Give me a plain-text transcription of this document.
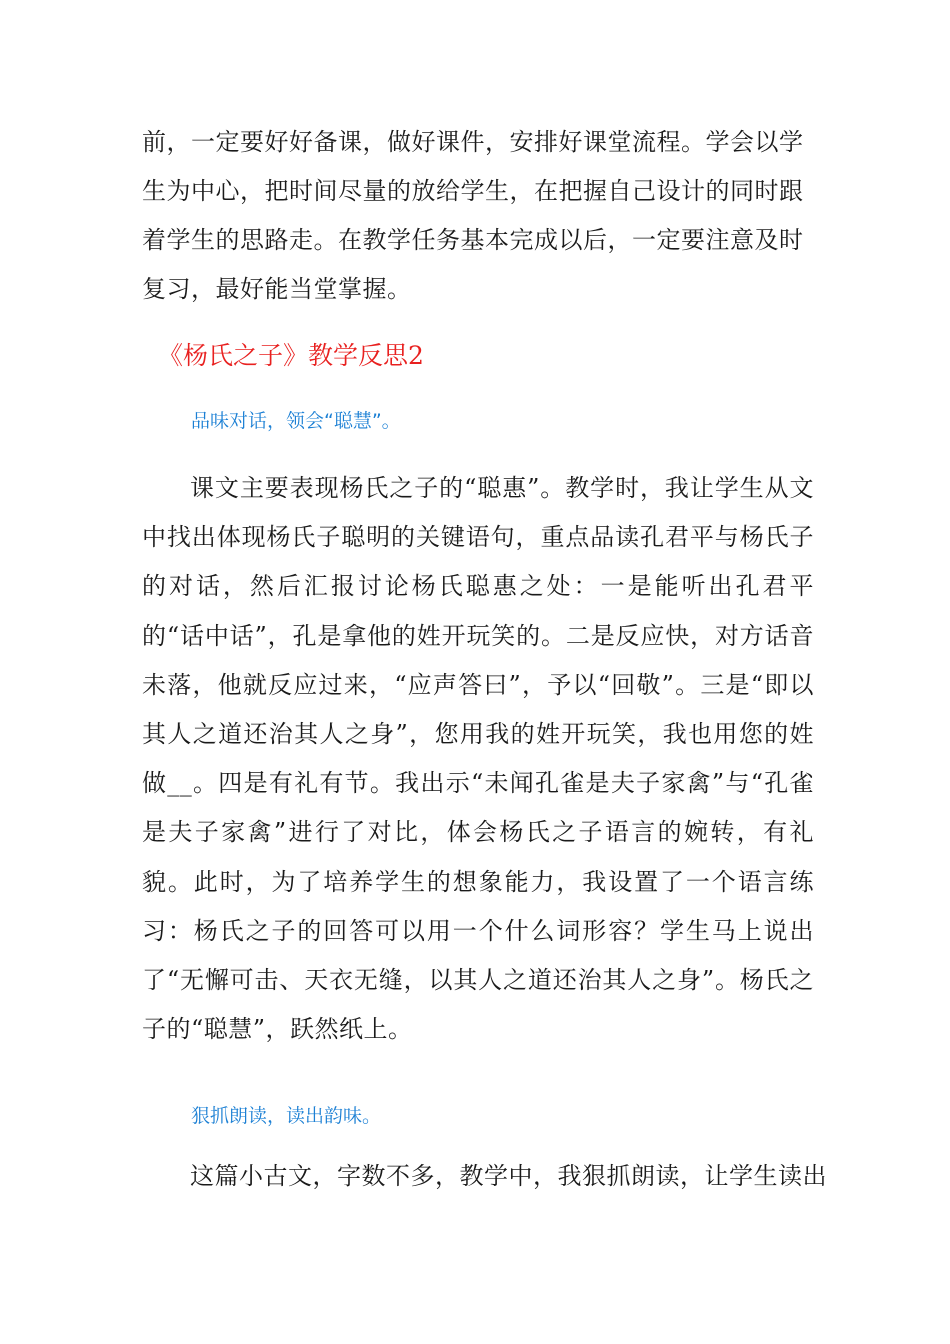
前，一定要好好备课，做好课件，安排好课堂流程。学会以学生为中心，把时间尽量的放给学生，在把握自己设计的同时跟着学生的思路走。在教学任务基本完成以后，一定要注意及时复习，最好能当堂掌握。
《杨氏之子》教学反思2
品味对话，领会“聪慧”。
课文主要表现杨氏之子的“聪惠”。教学时，我让学生从文中找出体现杨氏子聪明的关键语句，重点品读孔君平与杨氏子的对话，然后汇报讨论杨氏聪惠之处：一是能听出孔君平的“话中话”，孔是拿他的姓开玩笑的。二是反应快，对方话音未落，他就反应过来，“应声答曰”，予以“回敬”。三是“即以其人之道还治其人之身”，您用我的姓开玩笑，我也用您的姓做__。四是有礼有节。我出示“未闻孔雀是夫子家禽”与“孔雀是夫子家禽”进行了对比，体会杨氏之子语言的婉转，有礼貌。此时，为了培养学生的想象能力，我设置了一个语言练习：杨氏之子的回答可以用一个什么词形容？学生马上说出了“无懈可击、天衣无缝，以其人之道还治其人之身”。杨氏之子的“聪慧”，跃然纸上。
狠抓朗读，读出韵味。
这篇小古文，字数不多，教学中，我狠抓朗读，让学生读出
